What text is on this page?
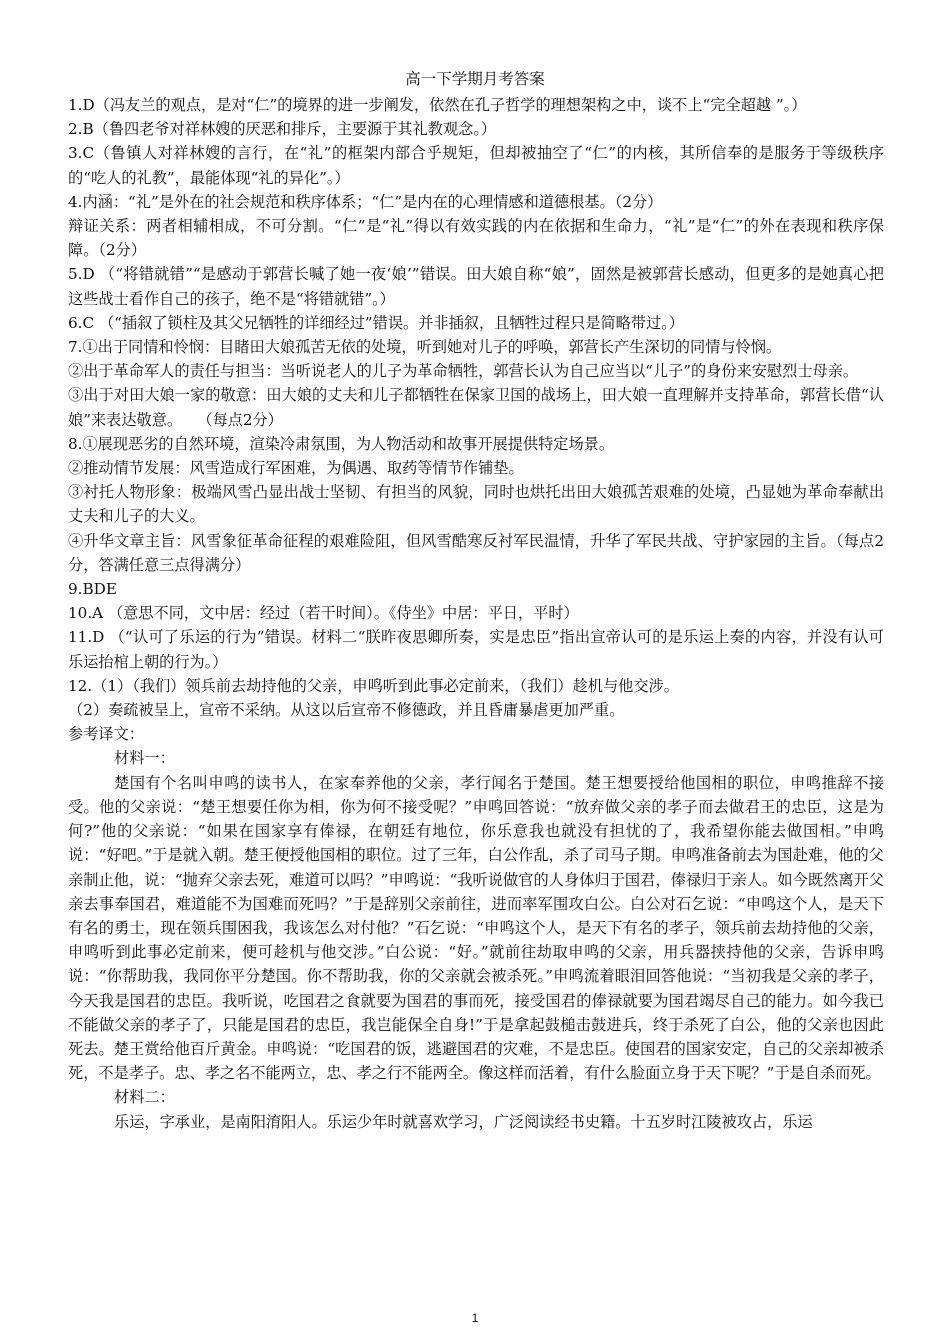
高一下学期月考答案

1.D（冯友兰的观点，是对“仁”的境界的进一步阐发，依然在孔子哲学的理想架构之中，谈不上“完全超越 ”。）

2.B（鲁四老爷对祥林嫂的厌恶和排斥，主要源于其礼教观念。）

3.C（鲁镇人对祥林嫂的言行，在“礼”的框架内部合乎规矩，但却被抽空了“仁”的内核，其所信奉的是服务于等级秩序的“吃人的礼教”，最能体现“礼的异化”。）

4.内涵：“礼”是外在的社会规范和秩序体系；“仁”是内在的心理情感和道德根基。（2分）

辩证关系：两者相辅相成，不可分割。“仁”是“礼”得以有效实践的内在依据和生命力，“礼”是“仁”的外在表现和秩序保障。（2分）

5.D （“将错就错”“是感动于郭营长喊了她一夜‘娘’”错误。田大娘自称“娘”，固然是被郭营长感动，但更多的是她真心把这些战士看作自己的孩子，绝不是“将错就错”。）

6.C （“插叙了锁柱及其父兄牺牲的详细经过”错误。并非插叙，且牺牲过程只是简略带过。）

7.①出于同情和怜悯：目睹田大娘孤苦无依的处境，听到她对儿子的呼唤，郭营长产生深切的同情与怜悯。

②出于革命军人的责任与担当：当听说老人的儿子为革命牺牲，郭营长认为自己应当以“儿子”的身份来安慰烈士母亲。

③出于对田大娘一家的敬意：田大娘的丈夫和儿子都牺牲在保家卫国的战场上，田大娘一直理解并支持革命，郭营长借“认娘”来表达敬意。　　（每点2分）

8.①展现恶劣的自然环境，渲染冷肃氛围，为人物活动和故事开展提供特定场景。

②推动情节发展：风雪造成行军困难，为偶遇、取药等情节作铺垫。

③衬托人物形象：极端风雪凸显出战士坚韧、有担当的风貌，同时也烘托出田大娘孤苦艰难的处境，凸显她为革命奉献出丈夫和儿子的大义。

④升华文章主旨：风雪象征革命征程的艰难险阻，但风雪酷寒反衬军民温情，升华了军民共战、守护家园的主旨。（每点2分，答满任意三点得满分）

9.BDE

10.A （意思不同，文中居：经过（若干时间）。《侍坐》中居：平日，平时）

11.D （“认可了乐运的行为”错误。材料二“朕昨夜思卿所奏，实是忠臣”指出宣帝认可的是乐运上奏的内容，并没有认可乐运抬棺上朝的行为。）

12.（1）（我们）领兵前去劫持他的父亲，申鸣听到此事必定前来，（我们）趁机与他交涉。

（2）奏疏被呈上，宣帝不采纳。从这以后宣帝不修德政，并且昏庸暴虐更加严重。

参考译文：

材料一：

楚国有个名叫申鸣的读书人，在家奉养他的父亲，孝行闻名于楚国。楚王想要授给他国相的职位，申鸣推辞不接受。他的父亲说：“楚王想要任你为相，你为何不接受呢？”申鸣回答说：“放弃做父亲的孝子而去做君王的忠臣，这是为何?”他的父亲说：“如果在国家享有俸禄，在朝廷有地位，你乐意我也就没有担忧的了，我希望你能去做国相。”申鸣说：“好吧。”于是就入朝。楚王便授他国相的职位。过了三年，白公作乱，杀了司马子期。申鸣准备前去为国赴难，他的父亲制止他，说：“抛弃父亲去死，难道可以吗？”申鸣说：“我听说做官的人身体归于国君，俸禄归于亲人。如今既然离开父亲去事奉国君，难道能不为国难而死吗？”于是辞别父亲前往，进而率军围攻白公。白公对石乞说：“申鸣这个人，是天下有名的勇士，现在领兵围困我，我该怎么对付他？”石乞说：“申鸣这个人，是天下有名的孝子，领兵前去劫持他的父亲，申鸣听到此事必定前来，便可趁机与他交涉。”白公说：“好。”就前往劫取申鸣的父亲，用兵器挟持他的父亲，告诉申鸣说：“你帮助我，我同你平分楚国。你不帮助我，你的父亲就会被杀死。”申鸣流着眼泪回答他说：“当初我是父亲的孝子，今天我是国君的忠臣。我听说，吃国君之食就要为国君的事而死，接受国君的俸禄就要为国君竭尽自己的能力。如今我已不能做父亲的孝子了，只能是国君的忠臣，我岂能保全自身!”于是拿起鼓槌击鼓进兵，终于杀死了白公，他的父亲也因此死去。楚王赏给他百斤黄金。申鸣说：“吃国君的饭，逃避国君的灾难，不是忠臣。使国君的国家安定，自己的父亲却被杀死，不是孝子。忠、孝之名不能两立，忠、孝之行不能两全。像这样而活着，有什么脸面立身于天下呢？”于是自杀而死。

材料二：

乐运，字承业，是南阳淯阳人。乐运少年时就喜欢学习，广泛阅读经书史籍。十五岁时江陵被攻占，乐运

1
